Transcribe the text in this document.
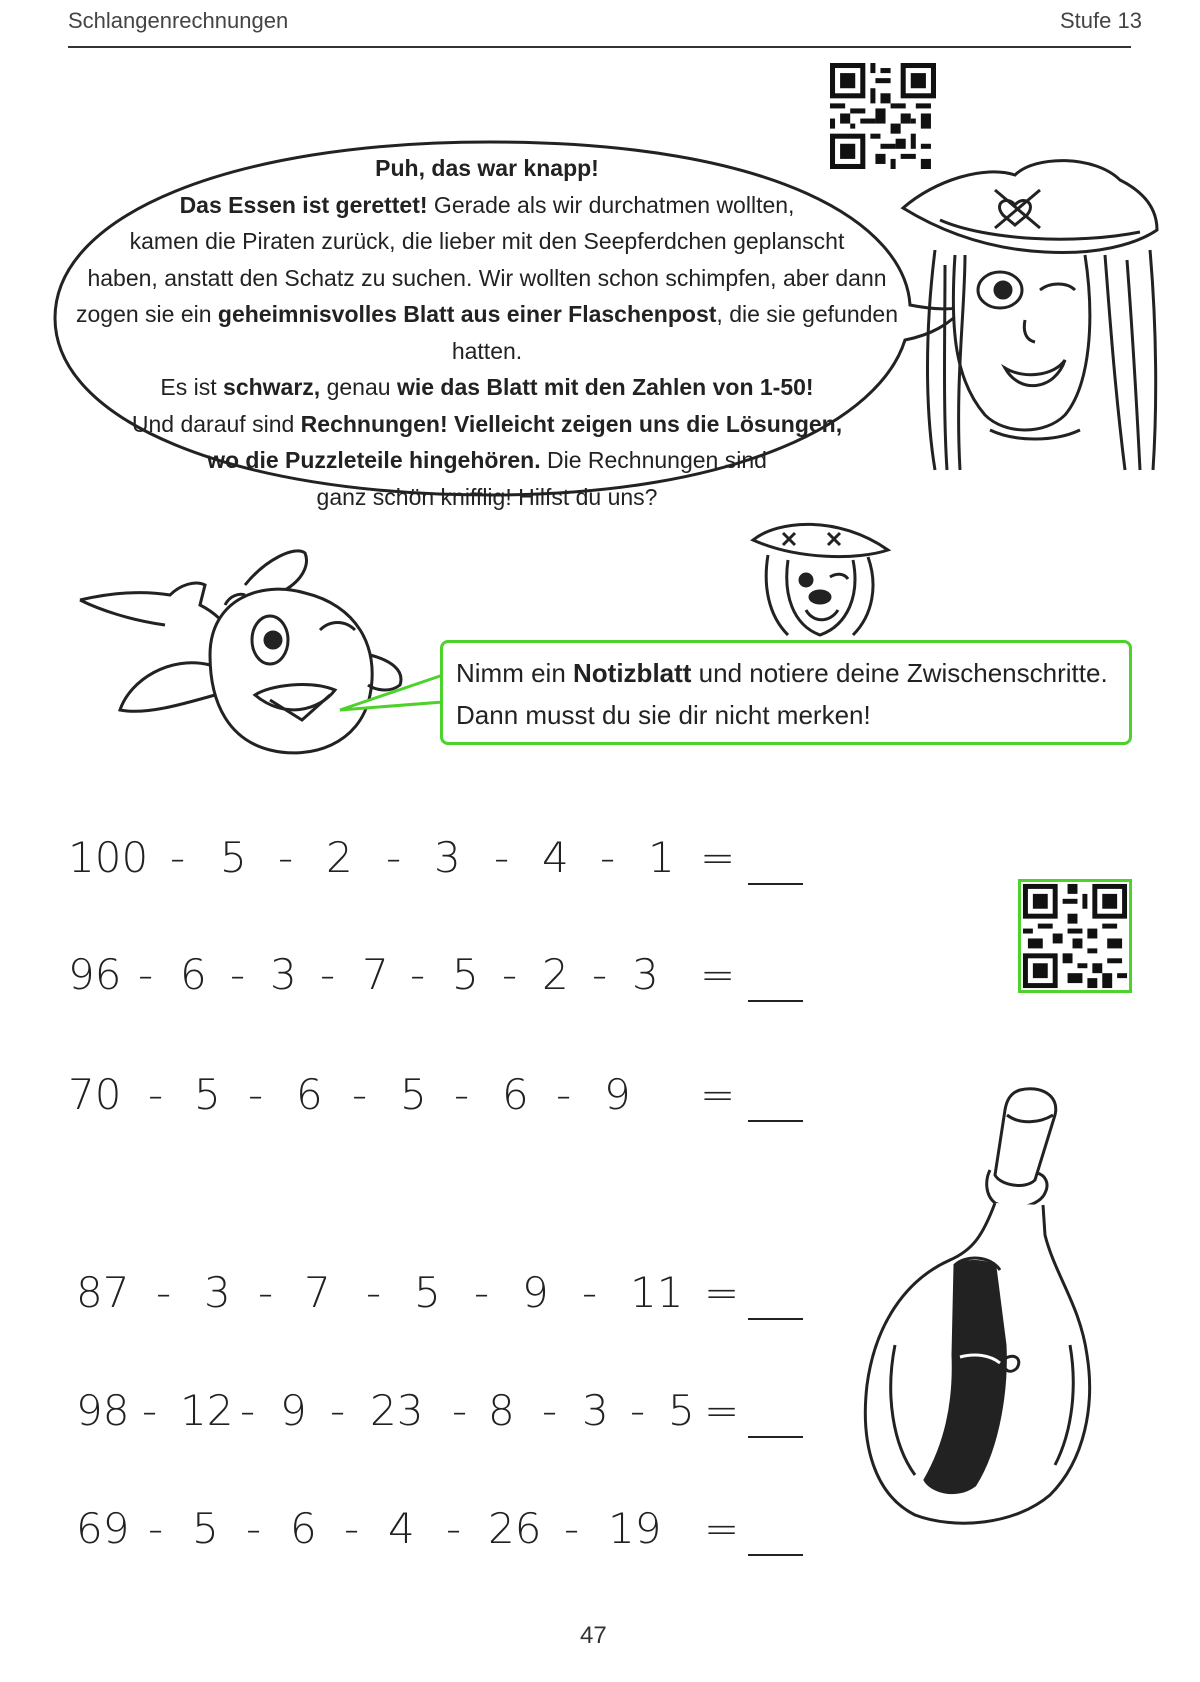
Schlangenrechnungen	Stufe 13
Puh, das war knapp!
Das Essen ist gerettet! Gerade als wir durchatmen wollten,
kamen die Piraten zurück, die lieber mit den Seepferdchen geplanscht
haben, anstatt den Schatz zu suchen. Wir wollten schon schimpfen, aber dann
zogen sie ein geheimnisvolles Blatt aus einer Flaschenpost, die sie gefunden hatten.
Es ist schwarz, genau wie das Blatt mit den Zahlen von 1-50!
Und darauf sind Rechnungen! Vielleicht zeigen uns die Lösungen,
wo die Puzzleteile hingehören. Die Rechnungen sind
ganz schön knifflig! Hilfst du uns?
Nimm ein Notizblatt und notiere deine Zwischenschritte.
Dann musst du sie dir nicht merken!
100 - 5 - 2 - 3 - 4 - 1 =
96 - 6 - 3 - 7 - 5 - 2 - 3 =
70 - 5 - 6 - 5 - 6 - 9 =
87 - 3 - 7 - 5 - 9 - 11 =
98 - 12 - 9 - 23 - 8 - 3 - 5 =
69 - 5 - 6 - 4 - 26 - 19 =
47
